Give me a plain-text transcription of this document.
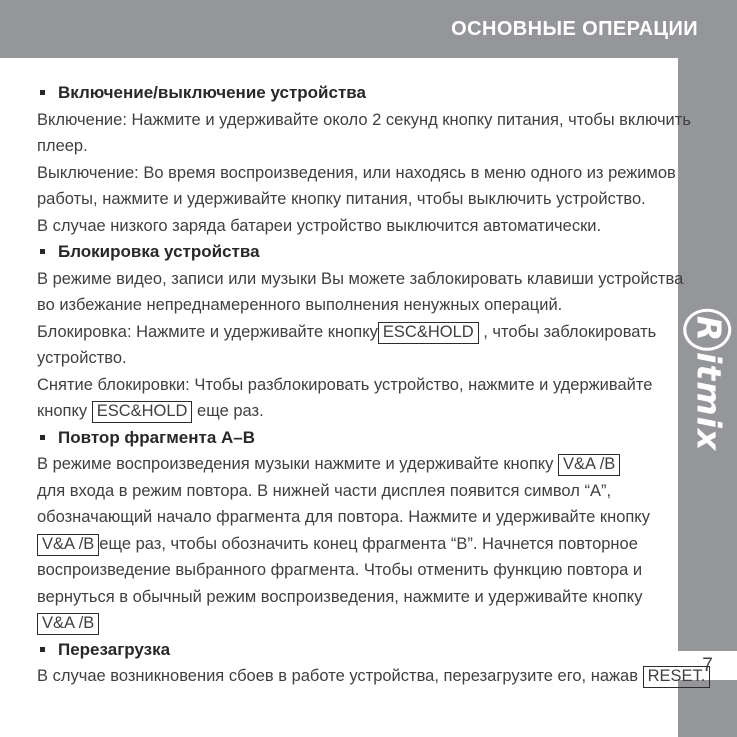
ОСНОВНЫЕ ОПЕРАЦИИ
Ritmix
7
Включение/выключение устройства
Включение: Нажмите и удерживайте около 2 секунд кнопку питания, чтобы включить
плеер.
Выключение: Во время воспроизведения, или находясь в меню одного из режимов
работы, нажмите и удерживайте кнопку питания, чтобы выключить устройство.
В случае низкого заряда батареи устройство выключится автоматически.
Блокировка устройства
В режиме видео, записи или музыки Вы можете заблокировать клавиши устройства
во избежание непреднамеренного выполнения ненужных операций.
Блокировка: Нажмите и удерживайте кнопку ESC&HOLD , чтобы заблокировать
устройство.
Снятие блокировки: Чтобы разблокировать устройство, нажмите и удерживайте
кнопку ESC&HOLD еще раз.
Повтор фрагмента A–B
В режиме воспроизведения музыки нажмите и удерживайте кнопку V&A /B
для входа в режим повтора. В нижней части дисплея появится символ “А”,
обозначающий начало фрагмента для повтора. Нажмите и удерживайте кнопку
V&A /B еще раз, чтобы обозначить конец фрагмента “В”. Начнется повторное
воспроизведение выбранного фрагмента. Чтобы отменить функцию повтора и
вернуться в обычный режим воспроизведения, нажмите и удерживайте кнопку
V&A /B
Перезагрузка
В случае возникновения сбоев в работе устройства, перезагрузите его, нажав RESET.
